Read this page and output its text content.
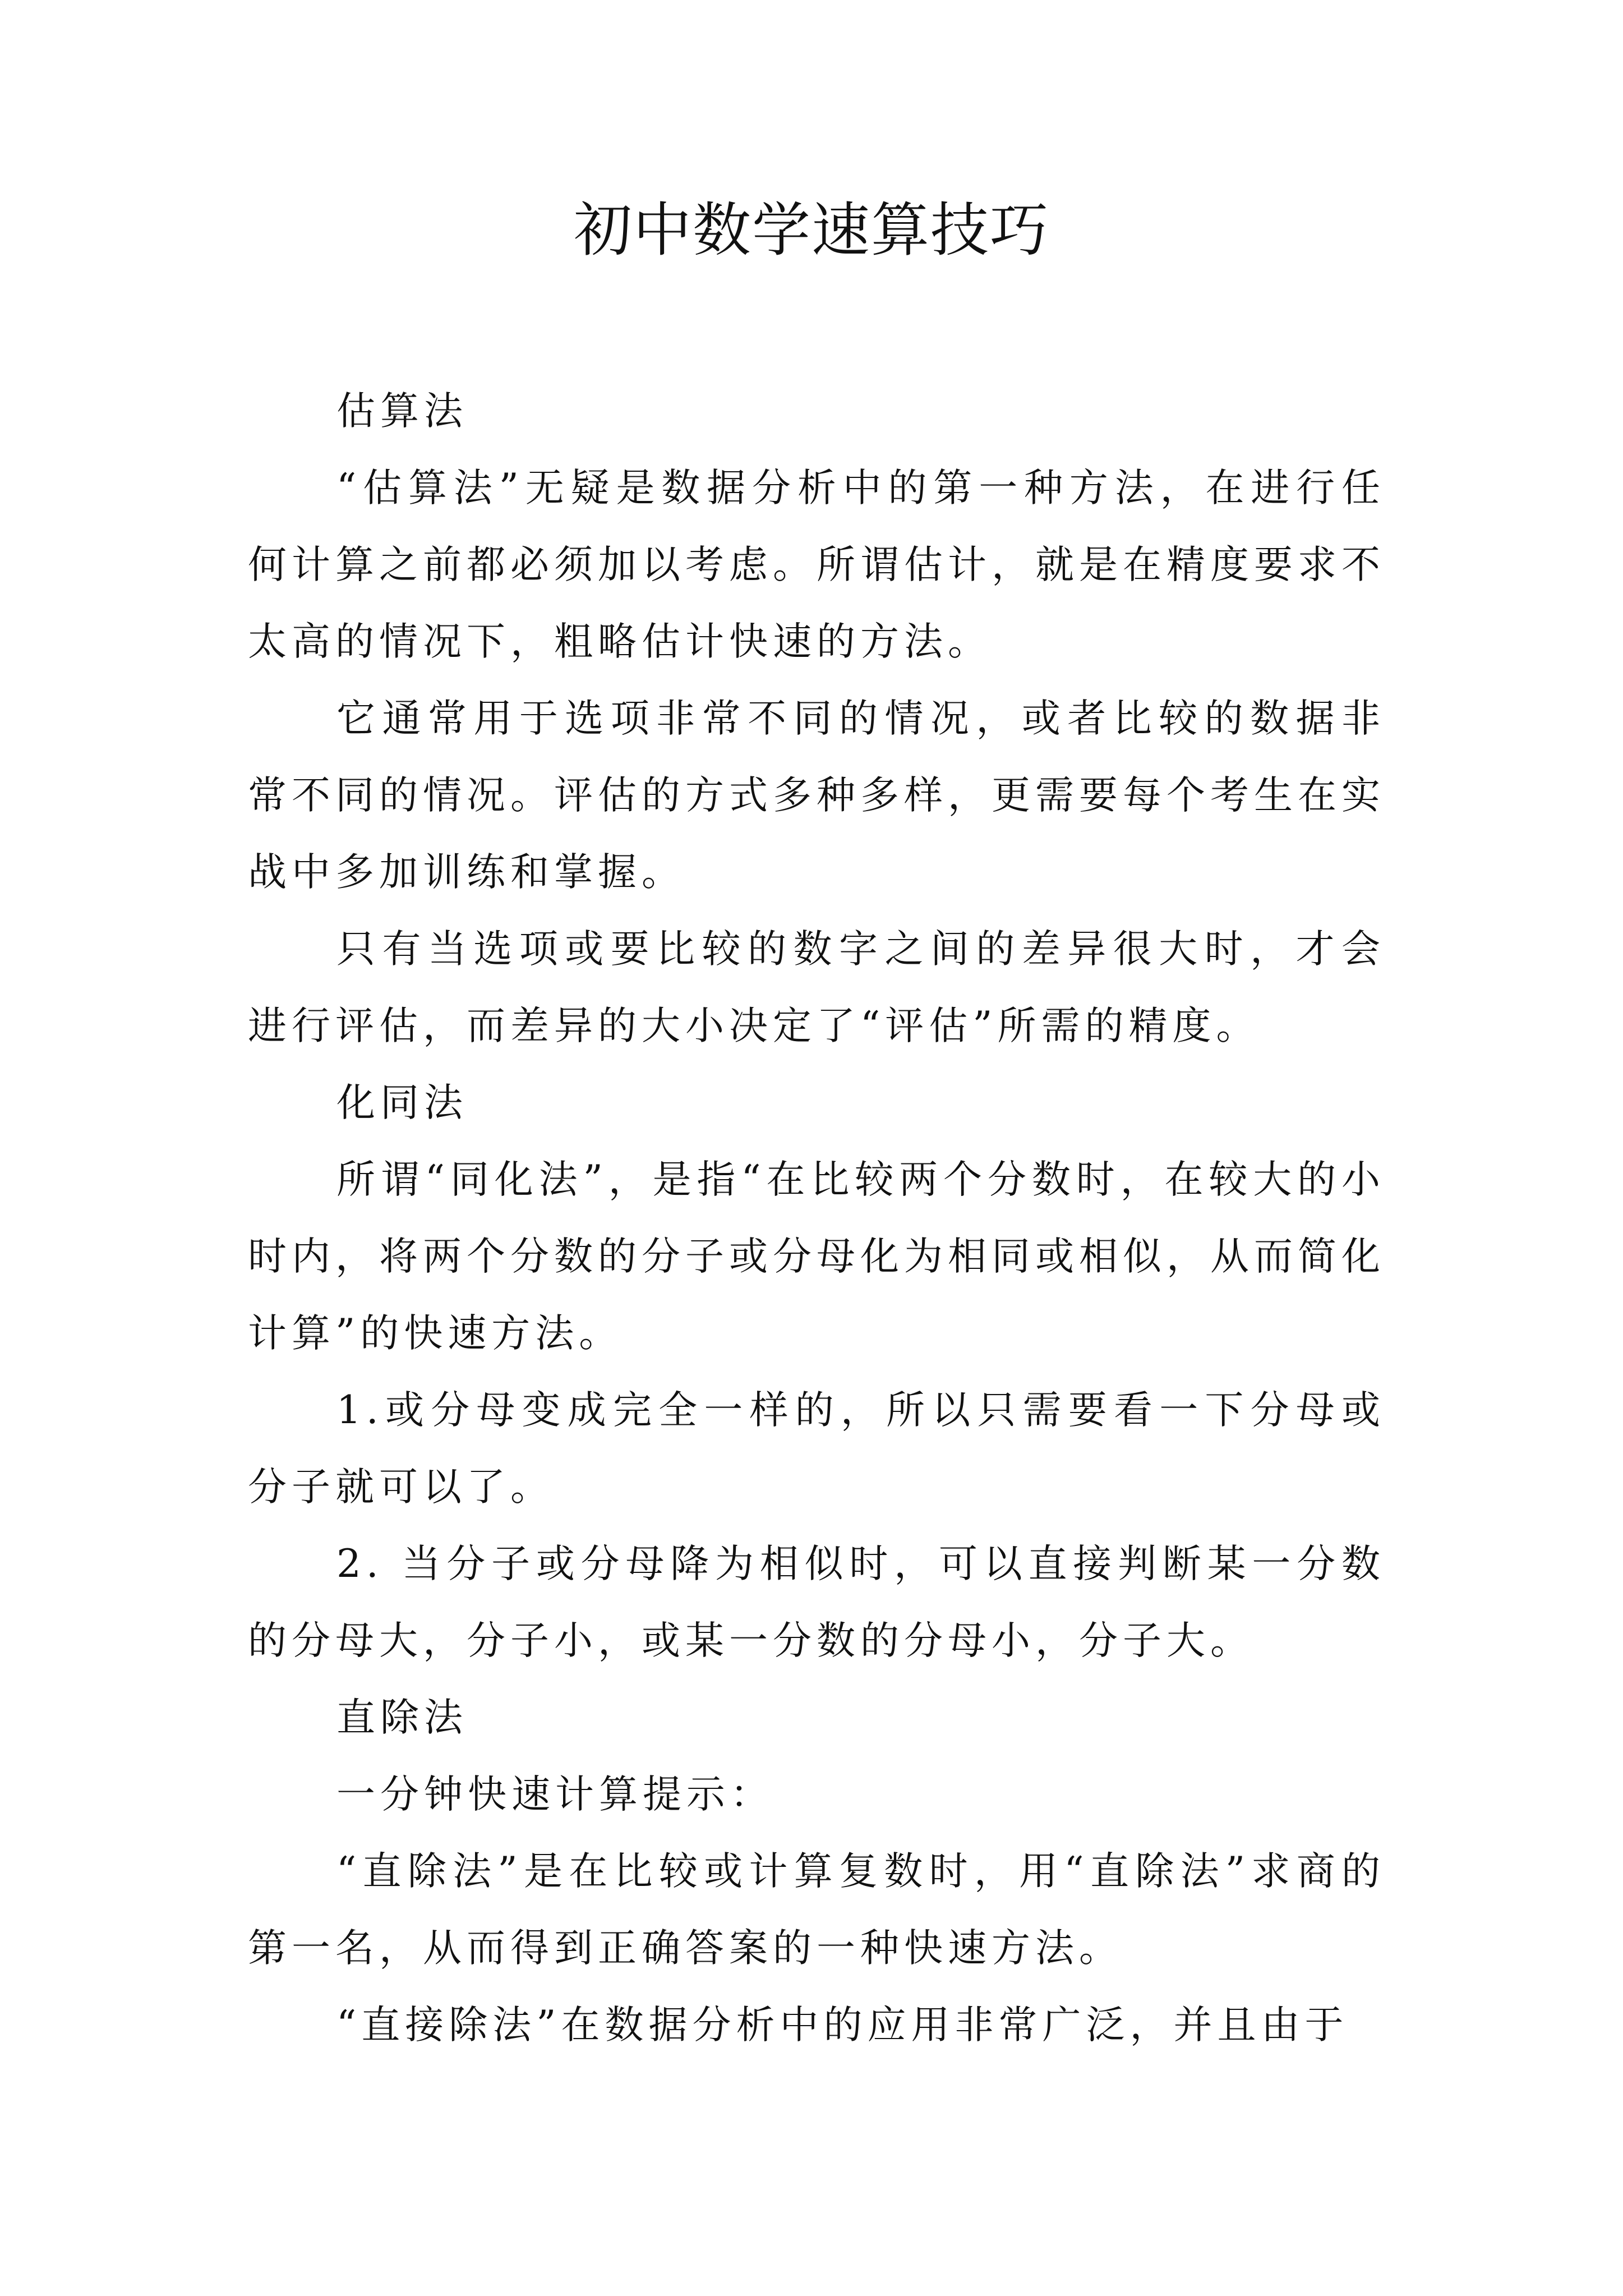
初中数学速算技巧

估算法

“估算法”无疑是数据分析中的第一种方法，在进行任何计算之前都必须加以考虑。所谓估计，就是在精度要求不太高的情况下，粗略估计快速的方法。

它通常用于选项非常不同的情况，或者比较的数据非常不同的情况。评估的方式多种多样，更需要每个考生在实战中多加训练和掌握。

只有当选项或要比较的数字之间的差异很大时，才会进行评估，而差异的大小决定了“评估”所需的精度。

化同法

所谓“同化法”，是指“在比较两个分数时，在较大的小时内，将两个分数的分子或分母化为相同或相似，从而简化计算”的快速方法。

1.或分母变成完全一样的，所以只需要看一下分母或分子就可以了。

2. 当分子或分母降为相似时，可以直接判断某一分数的分母大，分子小，或某一分数的分母小，分子大。

直除法

一分钟快速计算提示：

“直除法”是在比较或计算复数时，用“直除法”求商的第一名，从而得到正确答案的一种快速方法。

“直接除法”在数据分析中的应用非常广泛，并且由于
